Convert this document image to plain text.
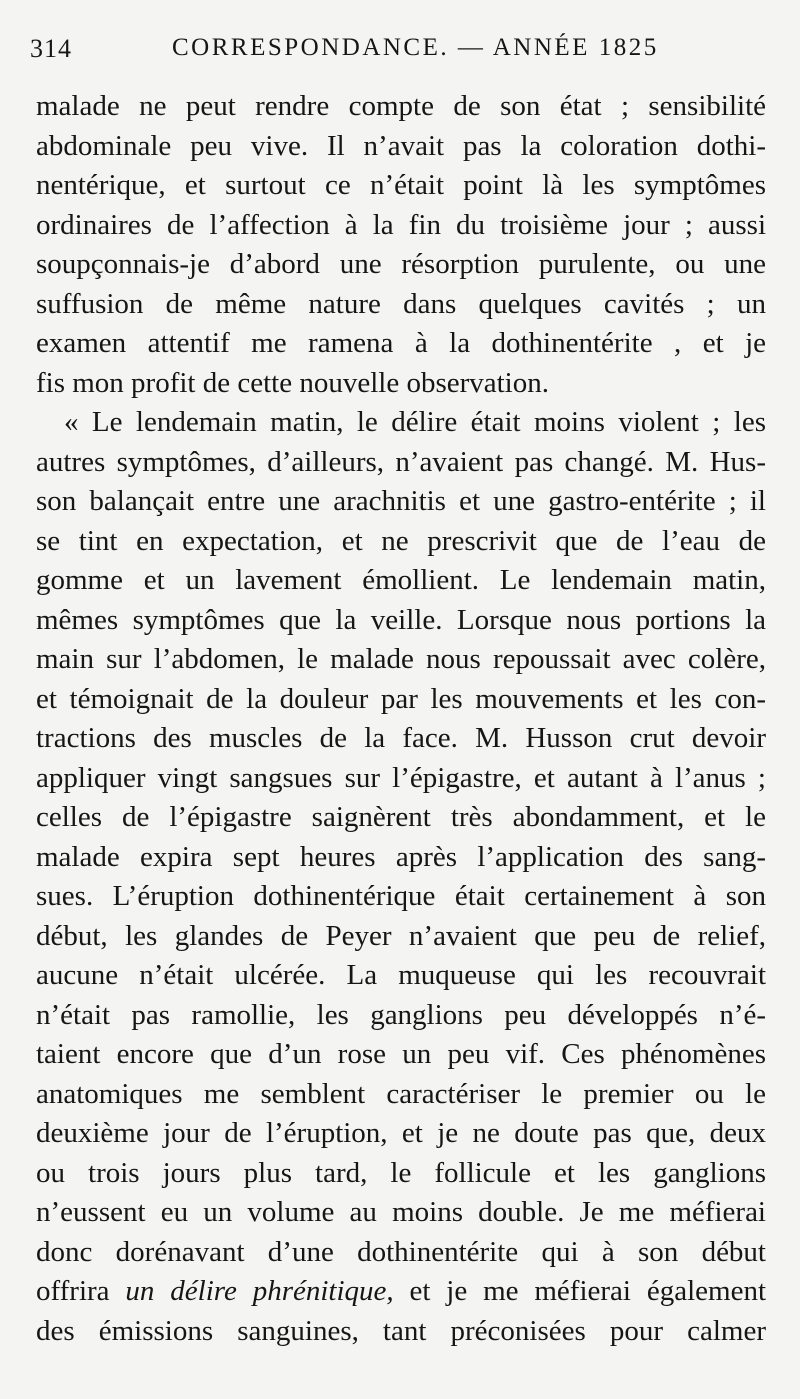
314	CORRESPONDANCE. — ANNÉE 1825
malade ne peut rendre compte de son état ; sensibilité
abdominale peu vive. Il n’avait pas la coloration dothi-
nentérique, et surtout ce n’était point là les symptômes
ordinaires de l’affection à la fin du troisième jour ; aussi
soupçonnais-je d’abord une résorption purulente, ou une
suffusion de même nature dans quelques cavités ; un
examen attentif me ramena à la dothinentérite , et je
fis mon profit de cette nouvelle observation.
« Le lendemain matin, le délire était moins violent ; les
autres symptômes, d’ailleurs, n’avaient pas changé. M. Hus-
son balançait entre une arachnitis et une gastro-entérite ; il
se tint en expectation, et ne prescrivit que de l’eau de
gomme et un lavement émollient. Le lendemain matin,
mêmes symptômes que la veille. Lorsque nous portions la
main sur l’abdomen, le malade nous repoussait avec colère,
et témoignait de la douleur par les mouvements et les con-
tractions des muscles de la face. M. Husson crut devoir
appliquer vingt sangsues sur l’épigastre, et autant à l’anus ;
celles de l’épigastre saignèrent très abondamment, et le
malade expira sept heures après l’application des sang-
sues. L’éruption dothinentérique était certainement à son
début, les glandes de Peyer n’avaient que peu de relief,
aucune n’était ulcérée. La muqueuse qui les recouvrait
n’était pas ramollie, les ganglions peu développés n’é-
taient encore que d’un rose un peu vif. Ces phénomènes
anatomiques me semblent caractériser le premier ou le
deuxième jour de l’éruption, et je ne doute pas que, deux
ou trois jours plus tard, le follicule et les ganglions
n’eussent eu un volume au moins double. Je me méfierai
donc dorénavant d’une dothinentérite qui à son début
offrira un délire phrénitique, et je me méfierai également
des émissions sanguines, tant préconisées pour calmer
